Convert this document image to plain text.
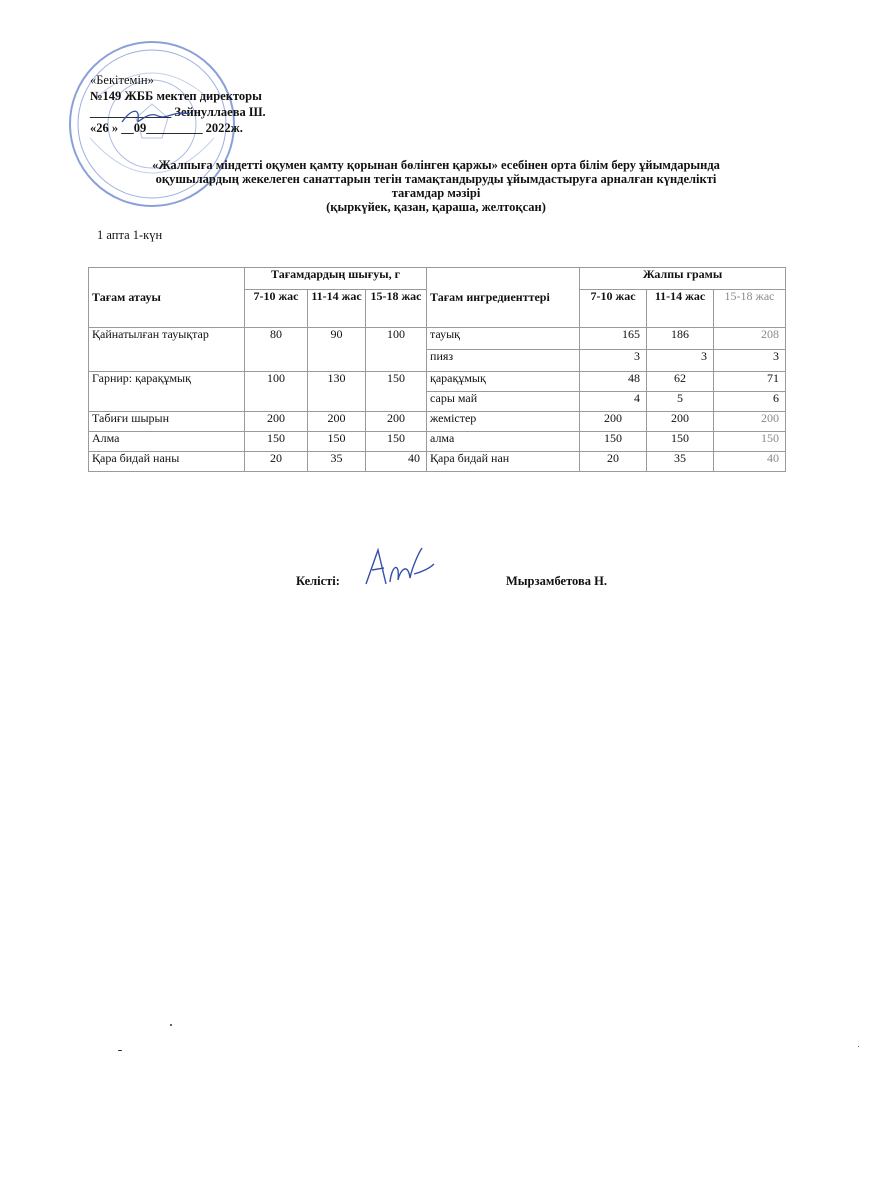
«Бекітемін»
№149 ЖББ мектеп директоры
_____________ Зейнуллаева Ш.
«26 » __09_________ 2022ж.
«Жалпыға міндетті оқумен қамту қорынан бөлінген қаржы» есебінен орта білім беру ұйымдарында
оқушылардың жекелеген санаттарын тегін тамақтандыруды ұйымдастыруға арналған күнделікті
тағамдар мәзірі
(қыркүйек, қазан, қараша, желтоқсан)
1 апта 1-күн
Тағам атауы	Тағамдардың шығуы, г			Тағам ингредиенттері	Жалпы грамы		
	7-10 жас	11-14 жас	15-18 жас		7-10 жас	11-14 жас	15-18 жас
Қайнатылған тауықтар	80	90	100	тауық	165	186	208
				пияз	3	3	3
Гарнир: қарақұмық	100	130	150	қарақұмық	48	62	71
				сары май	4	5	6
Табиғи шырын	200	200	200	жемістер	200	200	200
Алма	150	150	150	алма	150	150	150
Қара бидай наны	20	35	40	Қара бидай нан	20	35	40
Келісті:	Мырзамбетова Н.
